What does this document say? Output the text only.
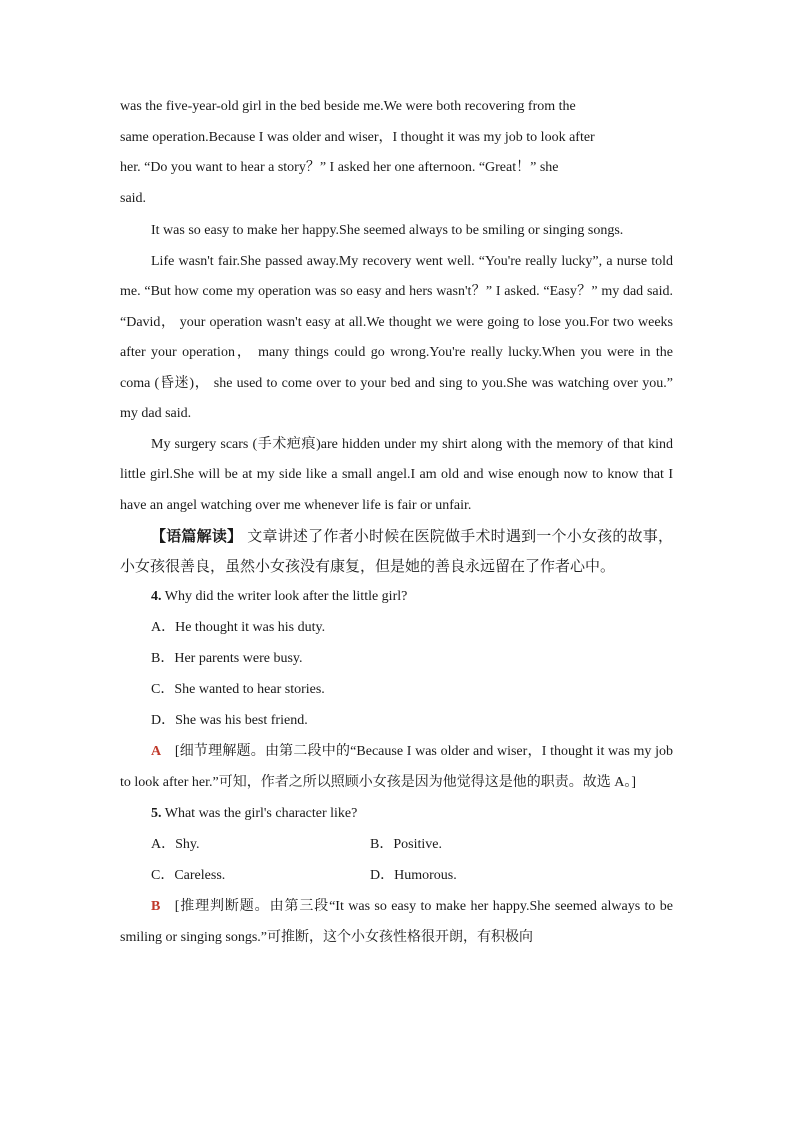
was the five-year-old girl in the bed beside me.We were both recovering from the

same operation.Because I was older and wiser，I thought it was my job to look after

her. “Do you want to hear a story？” I asked her one afternoon. “Great！” she

said.

It was so easy to make her happy.She seemed always to be smiling or singing songs.

Life wasn't fair.She passed away.My recovery went well. “You're really lucky”, a nurse told me. “But how come my operation was so easy and hers wasn't？” I asked. “Easy？” my dad said. “David， your operation wasn't easy at all.We thought we were going to lose you.For two weeks after your operation， many things could go wrong.You're really lucky.When you were in the coma (昏迷)， she used to come over to your bed and sing to you.She was watching over you.” my dad said.

My surgery scars (手术疤痕)are hidden under my shirt along with the memory of that kind little girl.She will be at my side like a small angel.I am old and wise enough now to know that I have an angel watching over me whenever life is fair or unfair.

【语篇解读】 文章讲述了作者小时候在医院做手术时遇到一个小女孩的故事，小女孩很善良，虽然小女孩没有康复，但是她的善良永远留在了作者心中。

4. Why did the writer look after the little girl?

A．He thought it was his duty.

B．Her parents were busy.

C．She wanted to hear stories.

D．She was his best friend.

A [细节理解题。由第二段中的“Because I was older and wiser，I thought it was my job to look after her.”可知，作者之所以照顾小女孩是因为他觉得这是他的职责。故选 A。]

5. What was the girl's character like?

A．Shy.	B．Positive.
C．Careless.	D．Humorous.

B [推理判断题。由第三段“It was so easy to make her happy.She seemed always to be smiling or singing songs.”可推断，这个小女孩性格很开朗，有积极向
